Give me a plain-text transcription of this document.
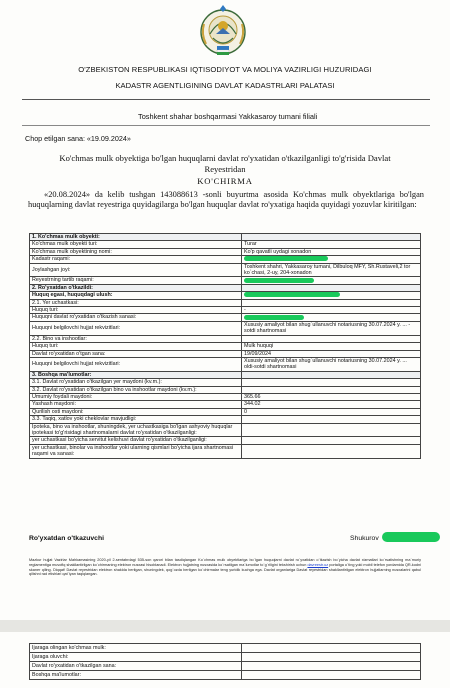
O'ZBEKISTON RESPUBLIKASI IQTISODIYOT VA MOLIYA VAZIRLIGI HUZURIDAGI
KADASTR AGENTLIGINING DAVLAT KADASTRLARI PALATASI
Toshkent shahar boshqarmasi Yakkasaroy tumani filiali
Chop etilgan sana: «19.09.2024»
Ko'chmas mulk obyektiga bo'lgan huquqlarni davlat ro'yxatidan o'tkazilganligi to'g'risida Davlat Reyestridan
KO'CHIRMA
«20.08.2024» da kelib tushgan 143088613 -sonli buyurtma asosida Ko'chmas mulk obyektlariga bo'lgan huquqlarning davlat reyestriga quyidagilarga bo'lgan huquqlar davlat ro'yxatiga haqida quyidagi yozuvlar kiritilgan:
1. Ko'chmas mulk obyekti:	
Ko'chmas mulk obyekti turi:	Turar
Ko'chmas mulk obyektining nomi:	Ko'p qavatli uydagi xonadon
Kadastr raqami:	
Joylashgan joyi:	Toshkent shahri, Yakkasaroy tumani, Dilbuloq MFY, Sh.Rustaveli,2 tor ko`chasi, 2-uy, 204-xonadon
Reyestrning tartib raqami:	
2. Ro'yxatdan o'tkazildi:	
Huquq egasi, huquqdagi ulush:	
2.1. Yer uchastkasi:	
Huquq turi:	-
Huquqni davlat ro'yxatidan o'tkazish sanasi:	
Huquqni belgilovchi hujjat rekvizitlari:	Xususiy amaliyot bilan shug`ullanuvchi notariusning 30.07.2024 y. ... -sotdi shartnomasi
2.2. Bino va inshootlar:	
Huquq turi:	Mulk huquqi
Davlat ro'yxatidan o'tgan sana:	19/09/2024
Huquqni belgilovchi hujjat rekvizitlari:	Xususiy amaliyot bilan shug`ullanuvchi notariusning 30.07.2024 y. ... oldi-sotdi shartnomasi
3. Boshqa ma'lumotlar:	
3.1. Davlat ro'yxatidan o'tkazilgan yer maydoni (kv.m.):	
3.2. Davlat ro'yxatidan o'tkazilgan bino va inshootlar maydoni (kv.m.):	
Umumiy foydali maydoni:	365.66
Yashash maydoni:	344.02
Qurilish osti maydoni:	0
3.3. Taqiq, xatlov yoki cheklovlar mavjudligi:	
Ipoteka, bino va inshootlar, shuningdek, yer uchastkasiga bo'lgan ashyoviy huquqlar ipotekasi to'g'risidagi shartnomalarni davlat ro'yxatidan o'tkazilganligi:	
yer uchastkasi bo'yicha servitut kelishuvi davlat ro'yxatidan o'tkazilganligi:	
yer uchastkasi, binolar va inshootlar yoki ularning qismlari bo'yicha ijara shartnomasi raqami va sanasi:	
Ro'yxatdan o'tkazuvchi	Shukurov
Mazkur hujjat Vazirlar Mahkamasining 2020-yil 2-sentabrdagi 535-son qarori bilan tasdiqlangan Ko`chmas mulk obyektlariga bo`lgan huquqlarni davlat ro`yxatidan o`tkazish bo`yicha davlat xizmatlari ko`rsatishning ma`muriy reglamentiga muvofiq shakllantirilgan ko`chirmaning elektron nusxasi hisoblanadi. Elektron hujjatning nusxasida ko`rsatilgan ma`lumotlar to`g`riligini tekshirish uchun davreestr.uz portaliga o`ting yoki mobil telefon yordamida QR-kodni skaner qiling. Diqqat! Davlat reyestridan elektron shaklda berilgan, shuningdek, qog`ozda berilgan ko`chirmalar teng yuridik kuchga ega. Davlat organlariga Davlat reyestridan shakllantirilgan elektron hujjatlarning nusxalarini qabul qilishni rad etishlari qat`iyan taqiqlangan.
Ijaraga olingan ko'chmas mulk:	
Ijaraga oluvchi:	
Davlat ro'yxatidan o'tkazilgan sana:	
Boshqa ma'lumotlar:	
